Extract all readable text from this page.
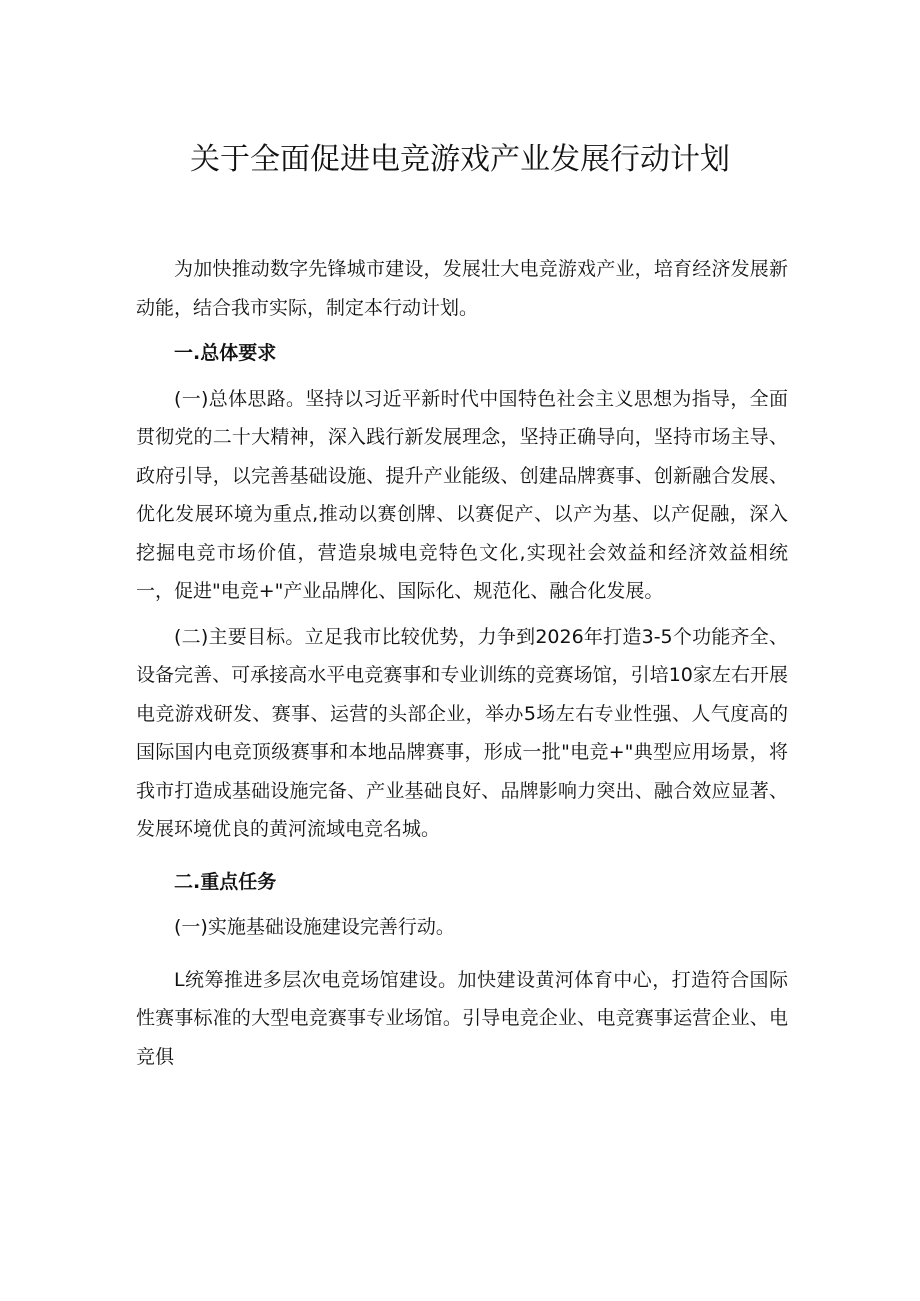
关于全面促进电竞游戏产业发展行动计划

为加快推动数字先锋城市建设，发展壮大电竞游戏产业，培育经济发展新动能，结合我市实际，制定本行动计划。

一.总体要求

(一)总体思路。坚持以习近平新时代中国特色社会主义思想为指导，全面贯彻党的二十大精神，深入践行新发展理念，坚持正确导向，坚持市场主导、政府引导，以完善基础设施、提升产业能级、创建品牌赛事、创新融合发展、优化发展环境为重点,推动以赛创牌、以赛促产、以产为基、以产促融，深入挖掘电竞市场价值，营造泉城电竞特色文化,实现社会效益和经济效益相统一，促进"电竞+"产业品牌化、国际化、规范化、融合化发展。

(二)主要目标。立足我市比较优势，力争到2026年打造3-5个功能齐全、设备完善、可承接高水平电竞赛事和专业训练的竞赛场馆，引培10家左右开展电竞游戏研发、赛事、运营的头部企业，举办5场左右专业性强、人气度高的国际国内电竞顶级赛事和本地品牌赛事，形成一批"电竞+"典型应用场景，将我市打造成基础设施完备、产业基础良好、品牌影响力突出、融合效应显著、发展环境优良的黄河流域电竞名城。

二.重点任务

(一)实施基础设施建设完善行动。

L统筹推进多层次电竞场馆建设。加快建设黄河体育中心，打造符合国际性赛事标准的大型电竞赛事专业场馆。引导电竞企业、电竞赛事运营企业、电竞俱
